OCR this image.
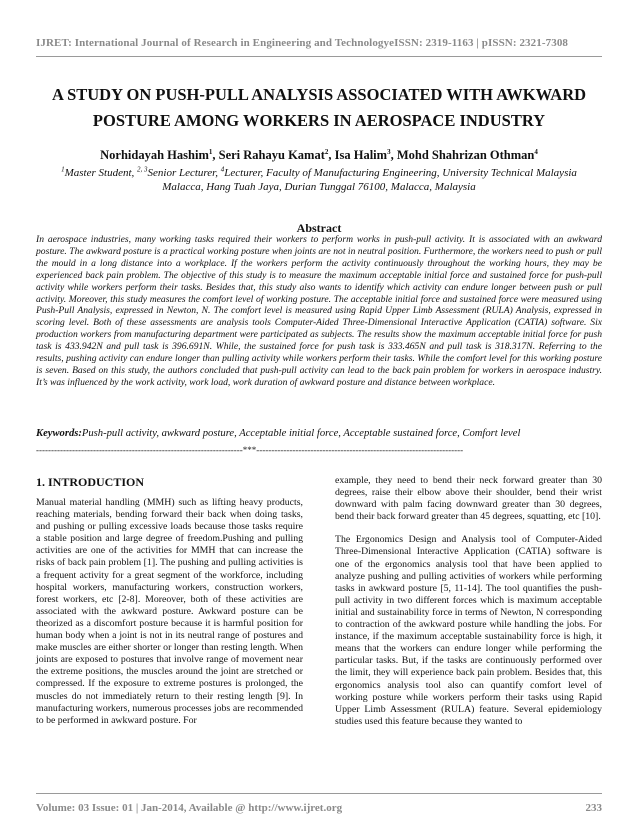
IJRET: International Journal of Research in Engineering and TechnologyeISSN: 2319-1163 | pISSN: 2321-7308
A STUDY ON PUSH-PULL ANALYSIS ASSOCIATED WITH AWKWARD
POSTURE AMONG WORKERS IN AEROSPACE INDUSTRY
Norhidayah Hashim$^1$, Seri Rahayu Kamat$^2$, Isa Halim$^3$, Mohd Shahrizan Othman$^4$
$^1$Master Student, $^{2, 3}$Senior Lecturer, $^4$Lecturer, Faculty of Manufacturing Engineering, University Technical Malaysia
Malacca, Hang Tuah Jaya, Durian Tunggal 76100, Malacca, Malaysia
Abstract
In aerospace industries, many working tasks required their workers to perform works in push-pull activity. It is associated with an awkward posture. The awkward posture is a practical working posture when joints are not in neutral position. Furthermore, the workers need to push or pull the mould in a long distance into a workplace. If the workers perform the activity continuously throughout the working hours, they may be experienced back pain problem. The objective of this study is to measure the maximum acceptable initial force and sustained force for push-pull activity while workers perform their tasks. Besides that, this study also wants to identify which activity can endure longer between push or pull activity. Moreover, this study measures the comfort level of working posture. The acceptable initial force and sustained force were measured using Push-Pull Analysis, expressed in Newton, N. The comfort level is measured using Rapid Upper Limb Assessment (RULA) Analysis, expressed in scoring level. Both of these assessments are analysis tools Computer-Aided Three-Dimensional Interactive Application (CATIA) software. Six production workers from manufacturing department were participated as subjects. The results show the maximum acceptable initial force for push task is 433.942N and pull task is 396.691N. While, the sustained force for push task is 333.465N and pull task is 318.317N. Referring to the results, pushing activity can endure longer than pulling activity while workers perform their tasks. While the comfort level for this working posture is seven. Based on this study, the authors concluded that push-pull activity can lead to the back pain problem for workers in aerospace industry. It’s was influenced by the work activity, work load, work duration of awkward posture and distance between workplace.
Keywords:Push-pull activity, awkward posture, Acceptable initial force, Acceptable sustained force, Comfort level
---------------------------------------------------------------------***---------------------------------------------------------------------
1. INTRODUCTION

Manual material handling (MMH) such as lifting heavy products, reaching materials, bending forward their back when doing tasks, and pushing or pulling excessive loads because those tasks require a stable position and large degree of freedom.Pushing and pulling activities are one of the activities for MMH that can increase the risks of back pain problem [1]. The pushing and pulling activities is a frequent activity for a great segment of the workforce, including hospital workers, manufacturing workers, construction workers, forest workers, etc [2-8]. Moreover, both of these activities are associated with the awkward posture. Awkward posture can be theorized as a discomfort posture because it is harmful position for human body when a joint is not in its neutral range of postures and make muscles are either shorter or longer than resting length. When joints are exposed to postures that involve range of movement near the extreme positions, the muscles around the joint are stretched or compressed. If the exposure to extreme postures is prolonged, the muscles do not immediately return to their resting length [9]. In manufacturing workers, numerous processes jobs are recommended to be performed in awkward posture. For

example, they need to bend their neck forward greater than 30 degrees, raise their elbow above their shoulder, bend their wrist downward with palm facing downward greater than 30 degrees, bend their back forward greater than 45 degrees, squatting, etc [10].

The Ergonomics Design and Analysis tool of Computer-Aided Three-Dimensional Interactive Application (CATIA) software is one of the ergonomics analysis tool that have been applied to analyze pushing and pulling activities of workers while performing tasks in awkward posture [5, 11-14]. The tool quantifies the push-pull activity in two different forces which is maximum acceptable initial and sustainability force in terms of Newton, N corresponding to contraction of the awkward posture while handling the jobs. For instance, if the maximum acceptable sustainability force is high, it means that the workers can endure longer while performing the particular tasks. But, if the tasks are continuously performed over the limit, they will experience back pain problem. Besides that, this ergonomics analysis tool also can quantify comfort level of working posture while workers perform their tasks using Rapid Upper Limb Assessment (RULA) feature. Several epidemiology studies used this feature because they wanted to

Volume: 03 Issue: 01 | Jan-2014, Available @ http://www.ijret.org	233
